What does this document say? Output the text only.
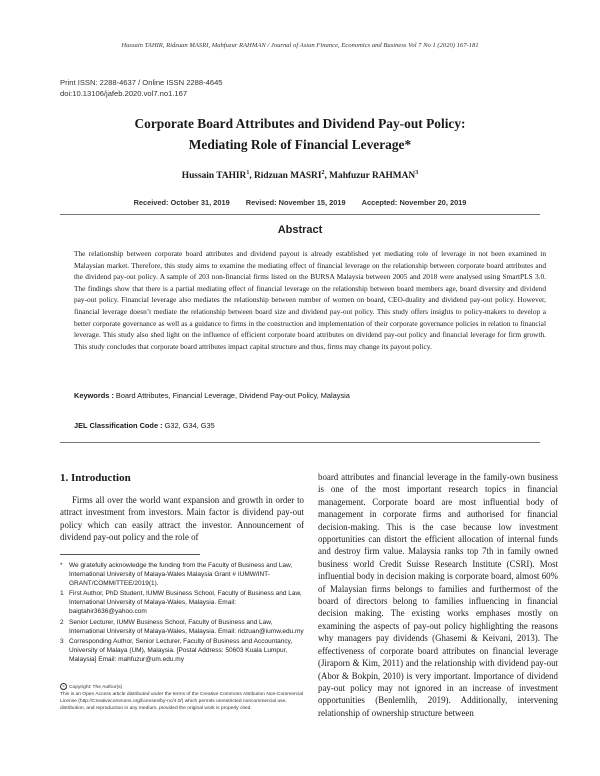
Hussain TAHIR, Ridzuan MASRI, Mahfuzur RAHMAN / Journal of Asian Finance, Economics and Business Vol 7 No 1 (2020) 167-181
Print ISSN: 2288-4637 / Online ISSN 2288-4645
doi:10.13106/jafeb.2020.vol7.no1.167
Corporate Board Attributes and Dividend Pay-out Policy:
Mediating Role of Financial Leverage*
Hussain TAHIR$^1$, Ridzuan MASRI$^2$, Mahfuzur RAHMAN$^3$
Received: October 31, 2019 Revised: November 15, 2019 Accepted: November 20, 2019
Abstract
The relationship between corporate board attributes and dividend payout is already established yet mediating role of leverage in not been examined in Malaysian market. Therefore, this study aims to examine the mediating effect of financial leverage on the relationship between corporate board attributes and the dividend pay-out policy. A sample of 203 non-financial firms listed on the BURSA Malaysia between 2005 and 2018 were analysed using SmartPLS 3.0. The findings show that there is a partial mediating effect of financial leverage on the relationship between board members age, board diversity and dividend pay-out policy. Financial leverage also mediates the relationship between number of women on board, CEO-duality and dividend pay-out policy. However, financial leverage doesn’t mediate the relationship between board size and dividend pay-out policy. This study offers insights to policy-makers to develop a better corporate governance as well as a guidance to firms in the construction and implementation of their corporate governance policies in relation to financial leverage. This study also shed light on the influence of efficient corporate board attributes on dividend pay-out policy and financial leverage for firm growth. This study concludes that corporate board attributes impact capital structure and thus, firms may change its payout policy.
Keywords : Board Attributes, Financial Leverage, Dividend Pay-out Policy, Malaysia
JEL Classification Code : G32, G34, G35
1. Introduction
Firms all over the world want expansion and growth in order to attract investment from investors. Main factor is dividend pay-out policy which can easily attract the investor. Announcement of dividend pay-out policy and the role of
board attributes and financial leverage in the family-own business is one of the most important research topics in financial management. Corporate board are most influential body of management in corporate firms and authorised for financial decision-making. This is the case because low investment opportunities can distort the efficient allocation of internal funds and destroy firm value. Malaysia ranks top 7th in family owned business world Credit Suisse Research Institute (CSRI). Most influential body in decision making is corporate board, almost 60% of Malaysian firms belongs to families and furthermost of the board of directors belong to families influencing in financial decision making. The existing works emphases mostly on examining the aspects of pay-out policy highlighting the reasons why managers pay dividends (Ghasemi & Keivani, 2013). The effectiveness of corporate board attributes on financial leverage (Jiraporn & Kim, 2011) and the relationship with dividend pay-out (Abor & Bokpin, 2010) is very important. Importance of dividend pay-out policy may not ignored in an increase of investment opportunities (Benlemlih, 2019). Additionally, intervening relationship of ownership structure between
* We gratefully acknowledge the funding from the Faculty of Business and Law, International University of Malaya-Wales Malaysia Grant # IUMW/INT-GRANT/COMMITTEE/2019(1).
1 First Author, PhD Student, IUMW Business School, Faculty of Business and Law, International University of Malaya-Wales, Malaysia. Email: baigtahir3636@yahoo.com
2 Senior Lecturer, IUMW Business School, Faculty of Business and Law, International University of Malaya-Wales, Malaysia. Email: ridzuan@iumw.edu.my
3 Corresponding Author, Senior Lecturer, Faculty of Business and Accountancy, University of Malaya (UM), Malaysia. [Postal Address: 50603 Kuala Lumpur, Malaysia] Email: mahfuzur@um.edu.my
c Copyright: The Author(s)
This is an Open Access article distributed under the terms of the Creative Commons Attribution Non-Commercial License (http://Creativecommons.org/licenses/by-nc/4.0/) which permits unrestricted noncommercial use, distribution, and reproduction in any medium, provided the original work is properly cited.
